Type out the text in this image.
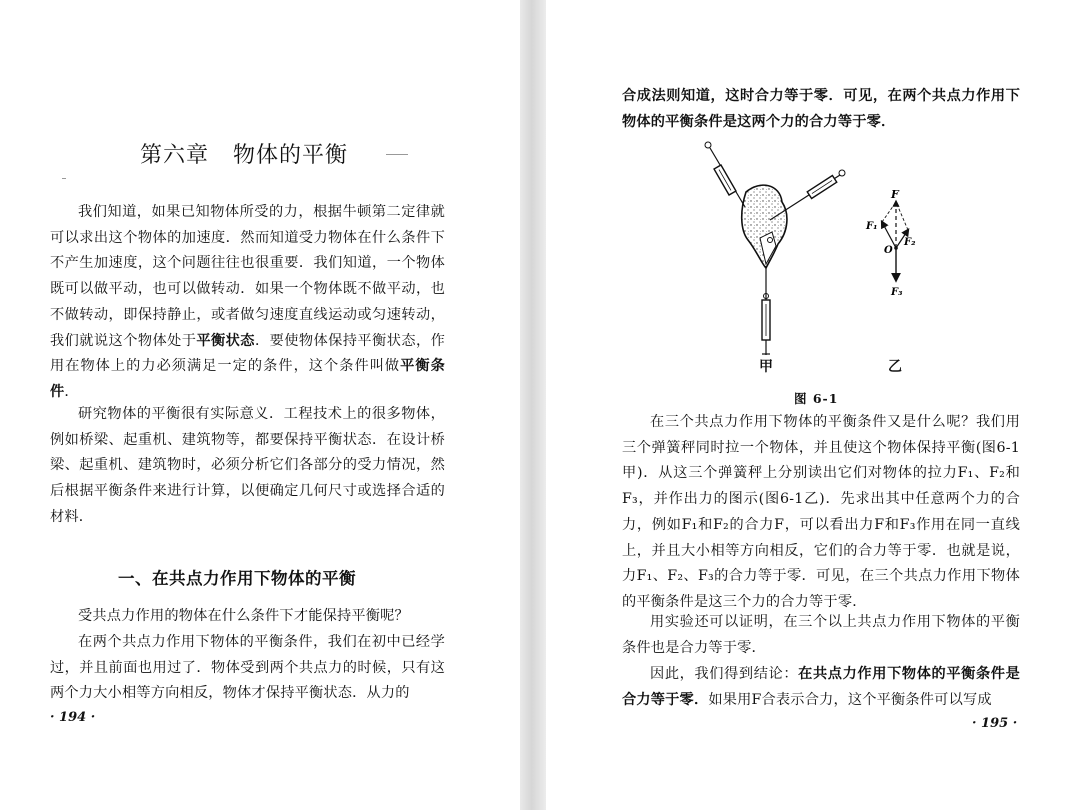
第六章 物体的平衡

我们知道，如果已知物体所受的力，根据牛顿第二定律就可以求出这个物体的加速度．然而知道受力物体在什么条件下不产生加速度，这个问题往往也很重要．我们知道，一个物体既可以做平动，也可以做转动．如果一个物体既不做平动，也不做转动，即保持静止，或者做匀速度直线运动或匀速转动，我们就说这个物体处于平衡状态．要使物体保持平衡状态，作用在物体上的力必须满足一定的条件，这个条件叫做平衡条件．

研究物体的平衡很有实际意义．工程技术上的很多物体，例如桥梁、起重机、建筑物等，都要保持平衡状态．在设计桥梁、起重机、建筑物时，必须分析它们各部分的受力情况，然后根据平衡条件来进行计算，以便确定几何尺寸或选择合适的材料．

一、在共点力作用下物体的平衡

受共点力作用的物体在什么条件下才能保持平衡呢？

在两个共点力作用下物体的平衡条件，我们在初中已经学过，并且前面也用过了．物体受到两个共点力的时候，只有这两个力大小相等方向相反，物体才保持平衡状态．从力的

· 194 ·

合成法则知道，这时合力等于零．可见，在两个共点力作用下物体的平衡条件是这两个力的合力等于零．

在三个共点力作用下物体的平衡条件又是什么呢？我们用三个弹簧秤同时拉一个物体，并且使这个物体保持平衡(图6-1甲)．从这三个弹簧秤上分别读出它们对物体的拉力F₁、F₂和F₃，并作出力的图示(图6-1乙)．先求出其中任意两个力的合力，例如F₁和F₂的合力F，可以看出力F和F₃作用在同一直线上，并且大小相等方向相反，它们的合力等于零．也就是说，力F₁、F₂、F₃的合力等于零．可见，在三个共点力作用下物体的平衡条件是这三个力的合力等于零．

用实验还可以证明，在三个以上共点力作用下物体的平衡条件也是合力等于零．

因此，我们得到结论：在共点力作用下物体的平衡条件是合力等于零．如果用F合表示合力，这个平衡条件可以写成

· 195 ·
F
F₁
F₂
O
F₃
甲	乙
图 6-1
